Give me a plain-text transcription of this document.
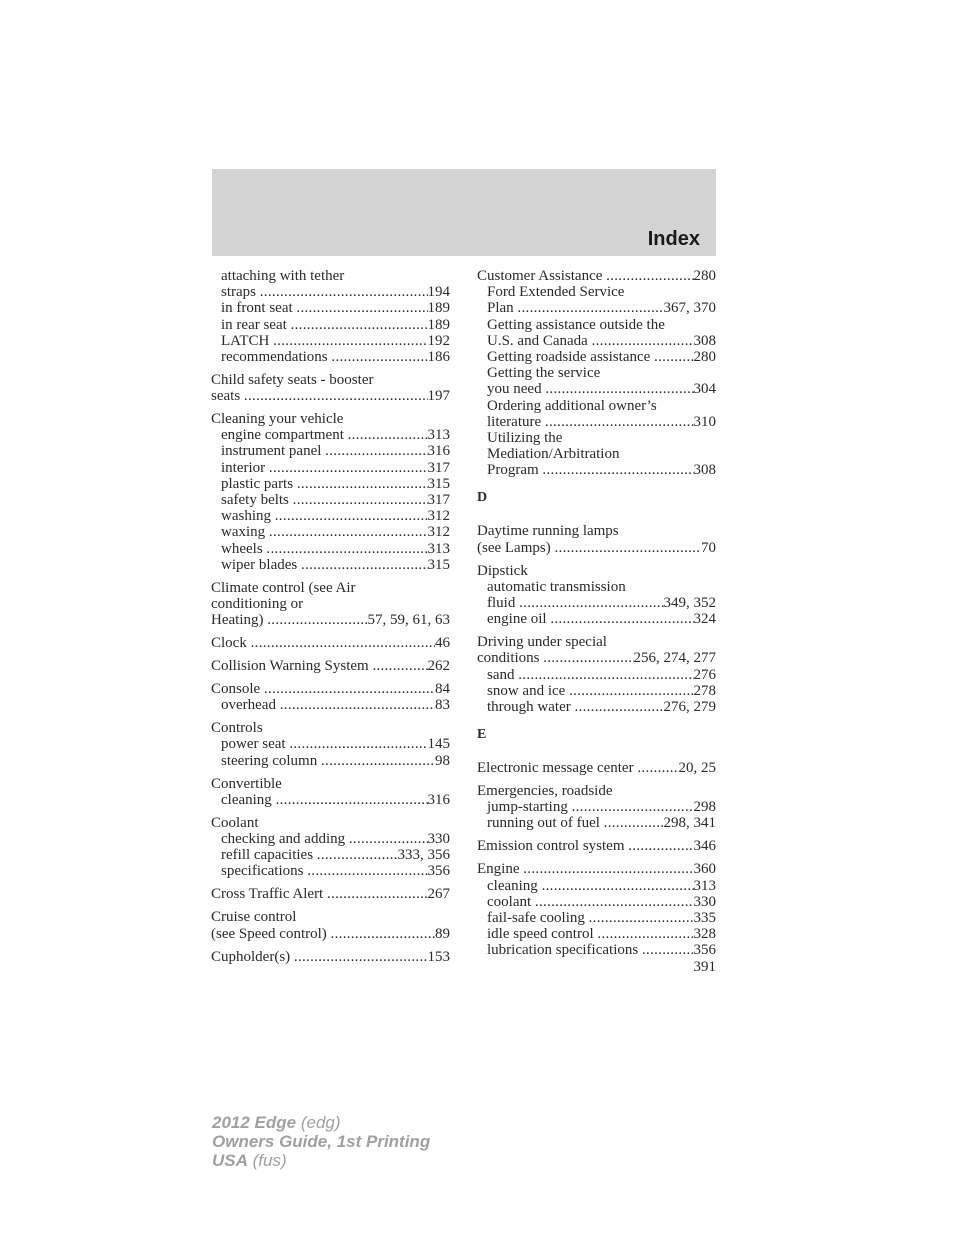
Index
attaching with tether
straps .....	194
in front seat .....	189
in rear seat .....	189
LATCH .....	192
recommendations .....	186
Child safety seats - booster
seats .....	197
Cleaning your vehicle
engine compartment .....	313
instrument panel .....	316
interior .....	317
plastic parts .....	315
safety belts .....	317
washing .....	312
waxing .....	312
wheels .....	313
wiper blades .....	315
Climate control (see Air
conditioning or
Heating) .....	57, 59, 61, 63
Clock .....	46
Collision Warning System .....	262
Console .....	84
overhead .....	83
Controls
power seat .....	145
steering column .....	98
Convertible
cleaning .....	316
Coolant
checking and adding .....	330
refill capacities .....	333, 356
specifications .....	356
Cross Traffic Alert .....	267
Cruise control
(see Speed control) .....	89
Cupholder(s) .....	153
Customer Assistance .....	280
Ford Extended Service
Plan .....	367, 370
Getting assistance outside the
U.S. and Canada .....	308
Getting roadside assistance .....	280
Getting the service
you need .....	304
Ordering additional owner’s
literature .....	310
Utilizing the
Mediation/Arbitration
Program .....	308
D
Daytime running lamps
(see Lamps) .....	70
Dipstick
automatic transmission
fluid .....	349, 352
engine oil .....	324
Driving under special
conditions .....	256, 274, 277
sand .....	276
snow and ice .....	278
through water .....	276, 279
E
Electronic message center .....	20, 25
Emergencies, roadside
jump-starting .....	298
running out of fuel .....	298, 341
Emission control system .....	346
Engine .....	360
cleaning .....	313
coolant .....	330
fail-safe cooling .....	335
idle speed control .....	328
lubrication specifications .....	356
391
2012 Edge (edg)
Owners Guide, 1st Printing
USA (fus)
